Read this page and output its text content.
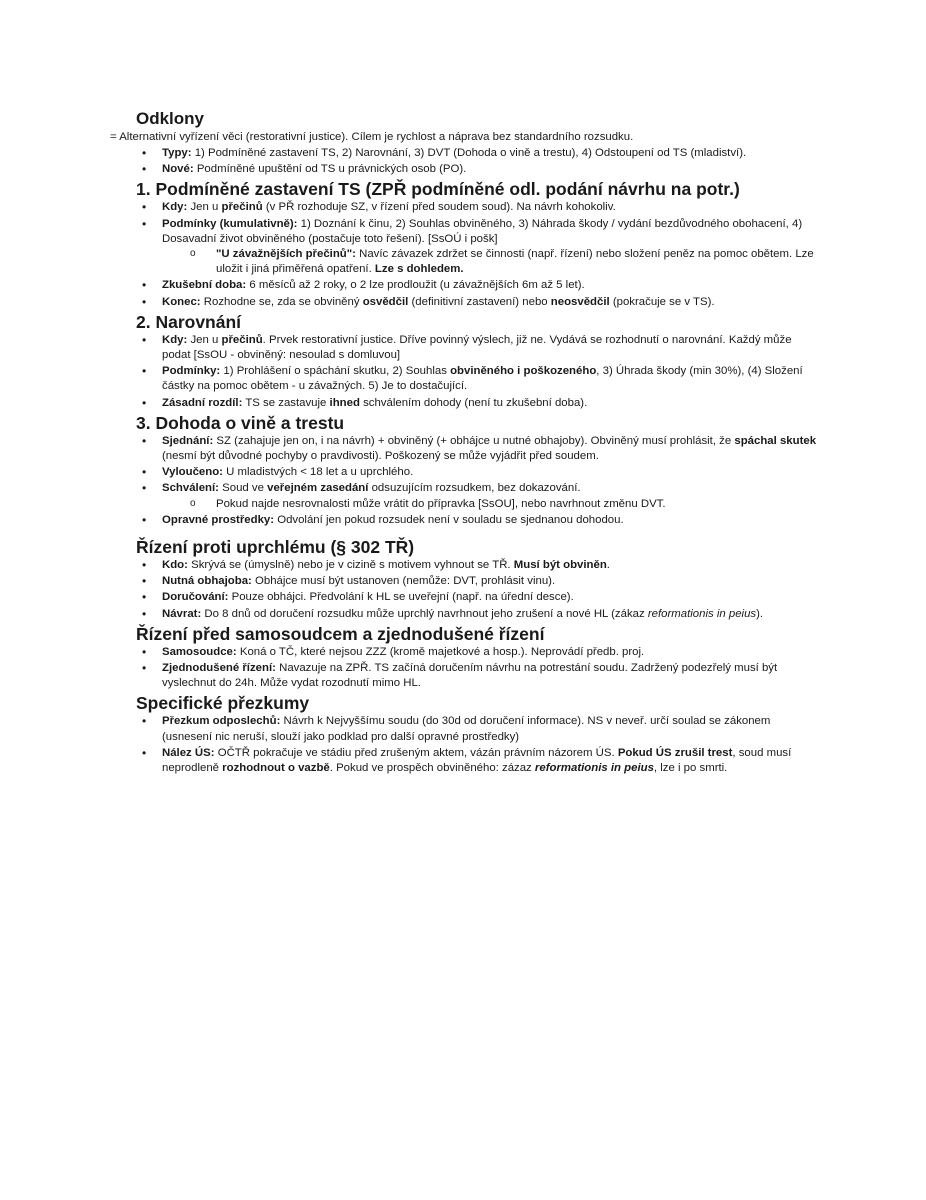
Odklony
= Alternativní vyřízení věci (restorativní justice). Cílem je rychlost a náprava bez standardního rozsudku.
• Typy: 1) Podmíněné zastavení TS, 2) Narovnání, 3) DVT (Dohoda o vině a trestu), 4) Odstoupení od TS (mladiství).
• Nové: Podmíněné upuštění od TS u právnických osob (PO).
1. Podmíněné zastavení TS (ZPŘ podmíněné odl. podání návrhu na potr.)
• Kdy: Jen u přečinů (v PŘ rozhoduje SZ, v řízení před soudem soud). Na návrh kohokoliv.
• Podmínky (kumulativně): 1) Doznání k činu, 2) Souhlas obviněného, 3) Náhrada škody / vydání bezdůvodného obohacení, 4) Dosavadní život obviněného (postačuje toto řešení). [SsOÚ i pošk]
o "U závažnějších přečinů": Navíc závazek zdržet se činnosti (např. řízení) nebo složení peněz na pomoc obětem. Lze uložit i jiná přiměřená opatření. Lze s dohledem.
• Zkušební doba: 6 měsíců až 2 roky, o 2 lze prodloužit (u závažnějších 6m až 5 let).
• Konec: Rozhodne se, zda se obviněný osvědčil (definitivní zastavení) nebo neosvědčil (pokračuje se v TS).
2. Narovnání
• Kdy: Jen u přečinů. Prvek restorativní justice. Dříve povinný výslech, již ne. Vydává se rozhodnutí o narovnání. Každý může podat [SsOU - obviněný: nesoulad s domluvou]
• Podmínky: 1) Prohlášení o spáchání skutku, 2) Souhlas obviněného i poškozeného, 3) Úhrada škody (min 30%), (4) Složení částky na pomoc obětem - u závažných. 5) Je to dostačující.
• Zásadní rozdíl: TS se zastavuje ihned schválením dohody (není tu zkušební doba).
3. Dohoda o vině a trestu
• Sjednání: SZ (zahajuje jen on, i na návrh) + obviněný (+ obhájce u nutné obhajoby). Obviněný musí prohlásit, že spáchal skutek (nesmí být důvodné pochyby o pravdivosti). Poškozený se může vyjádřit před soudem.
• Vyloučeno: U mladistvých < 18 let a u uprchlého.
• Schválení: Soud ve veřejném zasedání odsuzujícím rozsudkem, bez dokazování.
o Pokud najde nesrovnalosti může vrátit do přípravka [SsOU], nebo navrhnout změnu DVT.
• Opravné prostředky: Odvolání jen pokud rozsudek není v souladu se sjednanou dohodou.
Řízení proti uprchlému (§ 302 TŘ)
• Kdo: Skrývá se (úmyslně) nebo je v cizině s motivem vyhnout se TŘ. Musí být obviněn.
• Nutná obhajoba: Obhájce musí být ustanoven (nemůže: DVT, prohlásit vinu).
• Doručování: Pouze obhájci. Předvolání k HL se uveřejní (např. na úřední desce).
• Návrat: Do 8 dnů od doručení rozsudku může uprchlý navrhnout jeho zrušení a nové HL (zákaz reformationis in peius).
Řízení před samosoudcem a zjednodušené řízení
• Samosoudce: Koná o TČ, které nejsou ZZZ (kromě majetkové a hosp.). Neprovádí předb. proj.
• Zjednodušené řízení: Navazuje na ZPŘ. TS začíná doručením návrhu na potrestání soudu. Zadržený podezřelý musí být vyslechnut do 24h. Může vydat rozodnutí mimo HL.
Specifické přezkumy
• Přezkum odposlechů: Návrh k Nejvyššímu soudu (do 30d od doručení informace). NS v neveř. určí soulad se zákonem (usnesení nic neruší, slouží jako podklad pro další opravné prostředky)
• Nález ÚS: OČTŘ pokračuje ve stádiu před zrušeným aktem, vázán právním názorem ÚS. Pokud ÚS zrušil trest, soud musí neprodleně rozhodnout o vazbě. Pokud ve prospěch obviněného: zázaz reformationis in peius, lze i po smrti.
